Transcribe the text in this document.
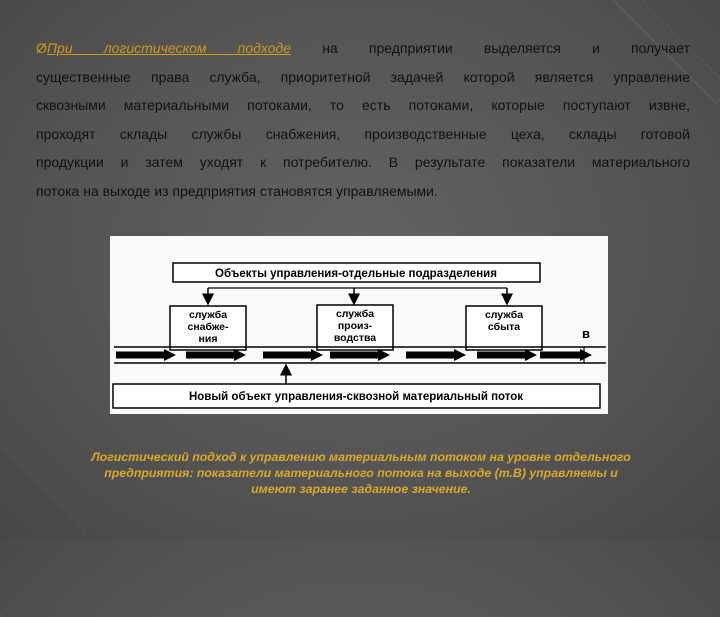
ØПри логистическом подходе на предприятии выделяется и получает
существенные права служба, приоритетной задачей которой является управление
сквозными материальными потоками, то есть потоками, которые поступают извне,
проходят склады службы снабжения, производственные цеха, склады готовой
продукции и затем уходят к потребителю. В результате показатели материального

потока на выходе из предприятия становятся управляемыми.
Объекты управления-отдельные подразделения
служба
снабже-
ния
служба
произ-
водства
служба
сбыта	в
Новый объект управления-сквозной материальный поток
Логистический подход к управлению материальным потоком на уровне отдельного
предприятия: показатели материального потока на выходе (т.В) управляемы и
имеют заранее заданное значение.
